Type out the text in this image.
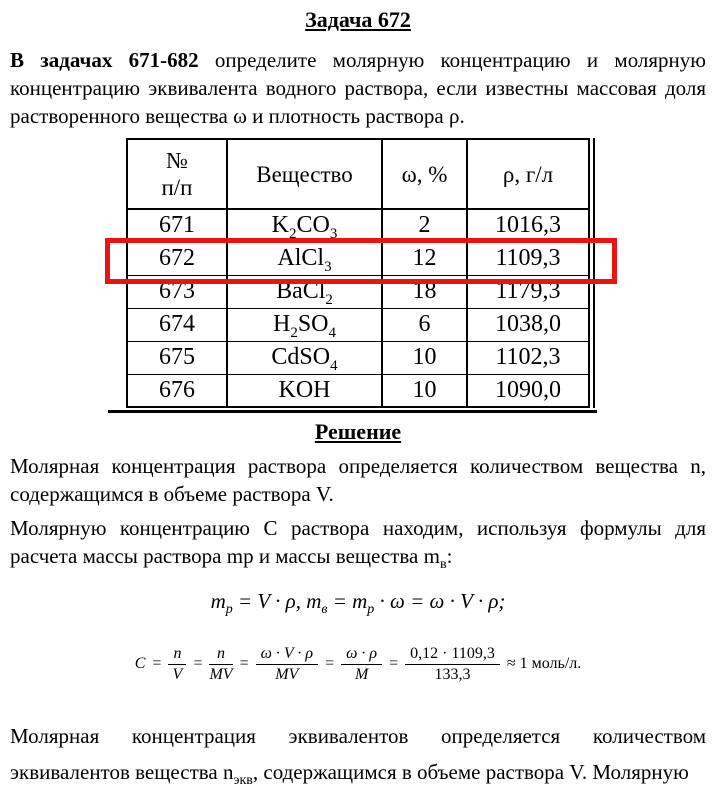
Задача 672

В задачах 671-682 определите молярную концентрацию и молярную концентрацию эквивалента водного раствора, если известны массовая доля растворенного вещества ω и плотность раствора ρ.

№
п/п	Вещество	ω, %	ρ, г/л
671	$K_2CO_3$	2	1016,3
672	AlCl$_3$	12	1109,3
673	BaCl$_2$	18	1179,3
674	$H_2SO_4$	6	1038,0
675	CdSO$_4$	10	1102,3
676	KOH	10	1090,0
Решение

Молярная концентрация раствора определяется количеством вещества n, содержащимся в объеме раствора V.

Молярную концентрацию С раствора находим, используя формулы для расчета массы раствора mр и массы вещества $m_в$:

$m_p = V \cdot \rho$, $m_в = m_p \cdot \omega = \omega \cdot V \cdot \rho$;

$C = \frac{n}{V} = \frac{n}{MV} = \frac{\omega \cdot V \cdot \rho}{MV} = \frac{\omega \cdot \rho}{M} = \frac{0,12 \cdot 1109,3}{133,3} \approx 1$ моль/л.

Молярная концентрация эквивалентов определяется количеством эквивалентов вещества $n_{экв}$, содержащимся в объеме раствора V. Молярную
